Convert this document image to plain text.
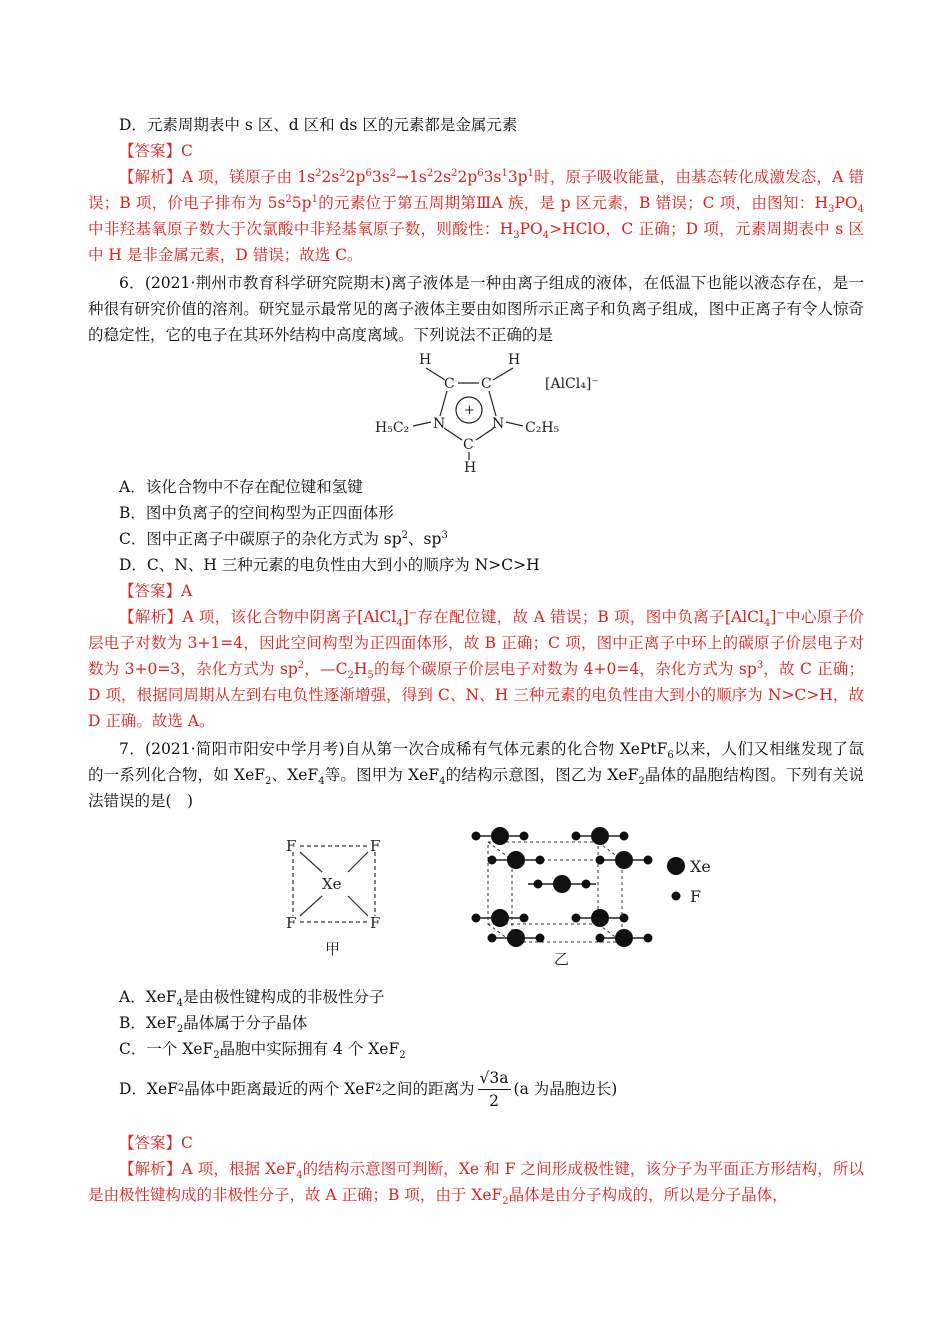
D．元素周期表中 s 区、d 区和 ds 区的元素都是金属元素
【答案】C

【解析】A 项，镁原子由 $1s^22s^22p^63s^2\to 1s^22s^22p^63s^13p^1$时，原子吸收能量，由基态转化成激发态，A 错误；B 项，价电子排布为 $5s^25p^1$的元素位于第五周期第ⅢA 族，是 p 区元素，B 错误；C 项，由图知：$H_3PO_4$中非羟基氧原子数大于次氯酸中非羟基氧原子数，则酸性：$H_3PO_4>HClO$，C 正确；D 项，元素周期表中 s 区中 H 是非金属元素，D 错误；故选 C。

6．(2021·荆州市教育科学研究院期末)离子液体是一种由离子组成的液体，在低温下也能以液态存在，是一种很有研究价值的溶剂。研究显示最常见的离子液体主要由如图所示正离子和负离子组成，图中正离子有令人惊奇的稳定性，它的电子在其环外结构中高度离域。下列说法不正确的是

H	H
C C
N	N
C
H
H₅C₂	C₂H₅
[AlCl₄]⁻
+
A．该化合物中不存在配位键和氢键
B．图中负离子的空间构型为正四面体形
C．图中正离子中碳原子的杂化方式为 $sp^2$、$sp^3$
D．C、N、H 三种元素的电负性由大到小的顺序为 N>C>H
【答案】A

【解析】A 项，该化合物中阴离子[AlCl$_4$]−存在配位键，故 A 错误；B 项，图中负离子[AlCl$_4$]−中心原子价层电子对数为 3+1=4，因此空间构型为正四面体形，故 B 正确；C 项，图中正离子中环上的碳原子价层电子对数为 3+0=3，杂化方式为 $sp^2$，$—C_2H_5$的每个碳原子价层电子对数为 4+0=4，杂化方式为 $sp^3$，故 C 正确；D 项，根据同周期从左到右电负性逐渐增强，得到 C、N、H 三种元素的电负性由大到小的顺序为 N>C>H，故 D 正确。故选 A。

7．(2021·简阳市阳安中学月考)自从第一次合成稀有气体元素的化合物 XePtF$_6$以来，人们又相继发现了氙的一系列化合物，如 XeF$_2$、XeF$_4$等。图甲为 XeF$_4$的结构示意图，图乙为 XeF$_2$晶体的晶胞结构图。下列有关说法错误的是(　)

F	F
F	F
Xe
甲
Xe
F
乙
A．XeF$_4$是由极性键构成的非极性分子
B．XeF$_2$晶体属于分子晶体
C．一个 XeF$_2$晶胞中实际拥有 4 个 XeF$_2$
D．XeF 2 晶体中距离最近的两个 XeF 2 之间的距离为 $\frac{√3a}{2} (a$ 为晶胞边长)
【答案】C

【解析】A 项，根据 XeF$_4$的结构示意图可判断，Xe 和 F 之间形成极性键，该分子为平面正方形结构，所以是由极性键构成的非极性分子，故 A 正确；B 项，由于 XeF$_2$晶体是由分子构成的，所以是分子晶体，
